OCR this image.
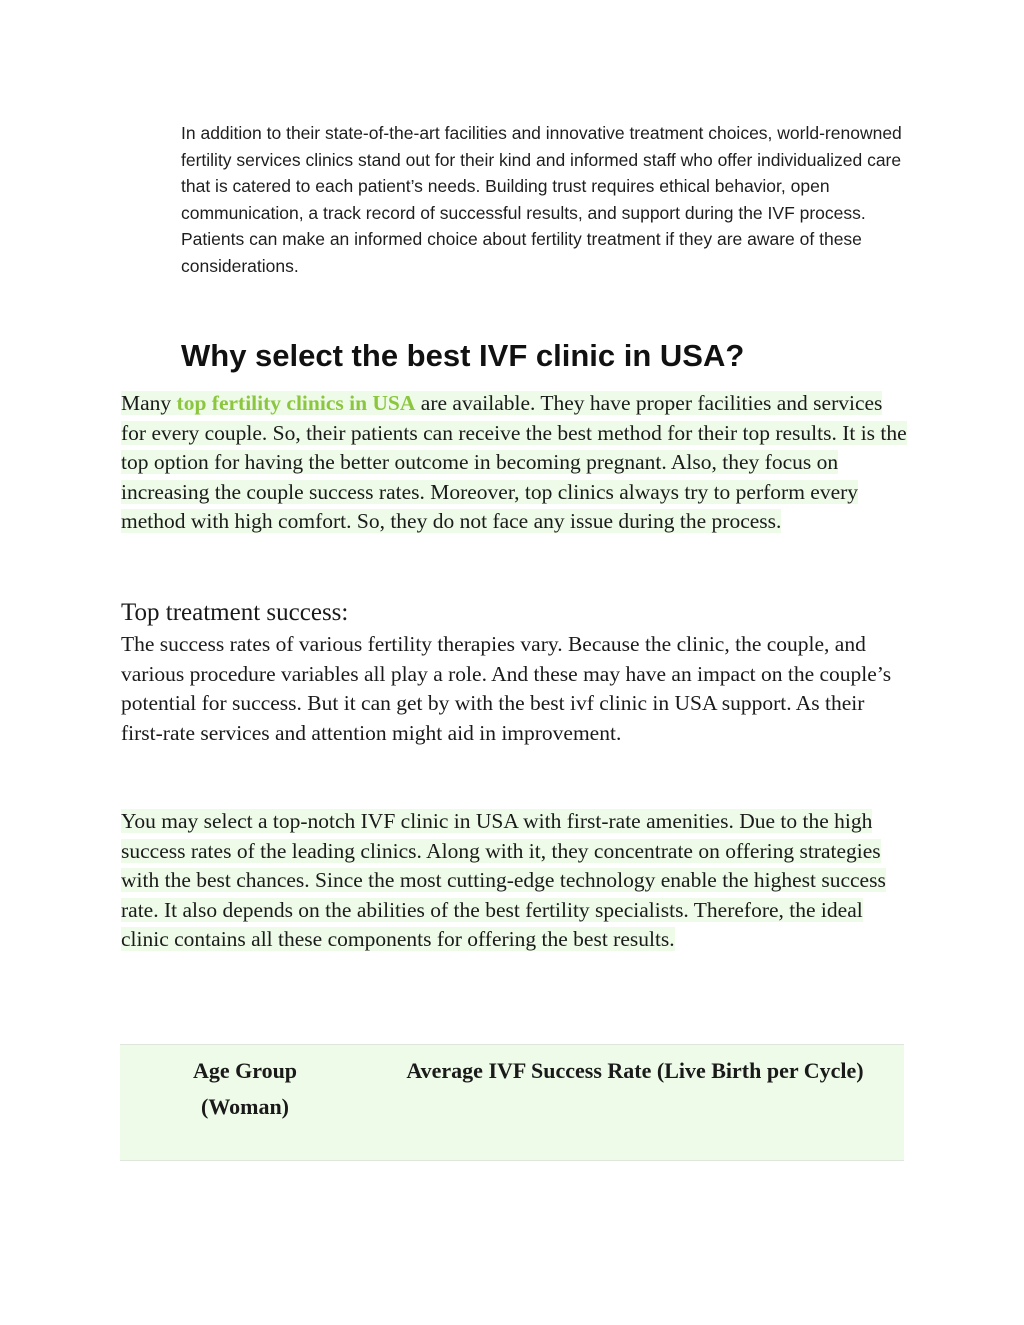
In addition to their state-of-the-art facilities and innovative treatment choices, world-renowned fertility services clinics stand out for their kind and informed staff who offer individualized care that is catered to each patient’s needs. Building trust requires ethical behavior, open communication, a track record of successful results, and support during the IVF process. Patients can make an informed choice about fertility treatment if they are aware of these considerations.

Why select the best IVF clinic in USA?

Many top fertility clinics in USA are available. They have proper facilities and services for every couple. So, their patients can receive the best method for their top results. It is the top option for having the better outcome in becoming pregnant. Also, they focus on increasing the couple success rates. Moreover, top clinics always try to perform every method with high comfort. So, they do not face any issue during the process.

Top treatment success:

The success rates of various fertility therapies vary. Because the clinic, the couple, and various procedure variables all play a role. And these may have an impact on the couple’s potential for success. But it can get by with the best ivf clinic in USA support. As their first-rate services and attention might aid in improvement.

You may select a top-notch IVF clinic in USA with first-rate amenities. Due to the high success rates of the leading clinics. Along with it, they concentrate on offering strategies with the best chances. Since the most cutting-edge technology enable the highest success rate. It also depends on the abilities of the best fertility specialists. Therefore, the ideal clinic contains all these components for offering the best results.

Age Group (Woman)
Average IVF Success Rate (Live Birth per Cycle)
